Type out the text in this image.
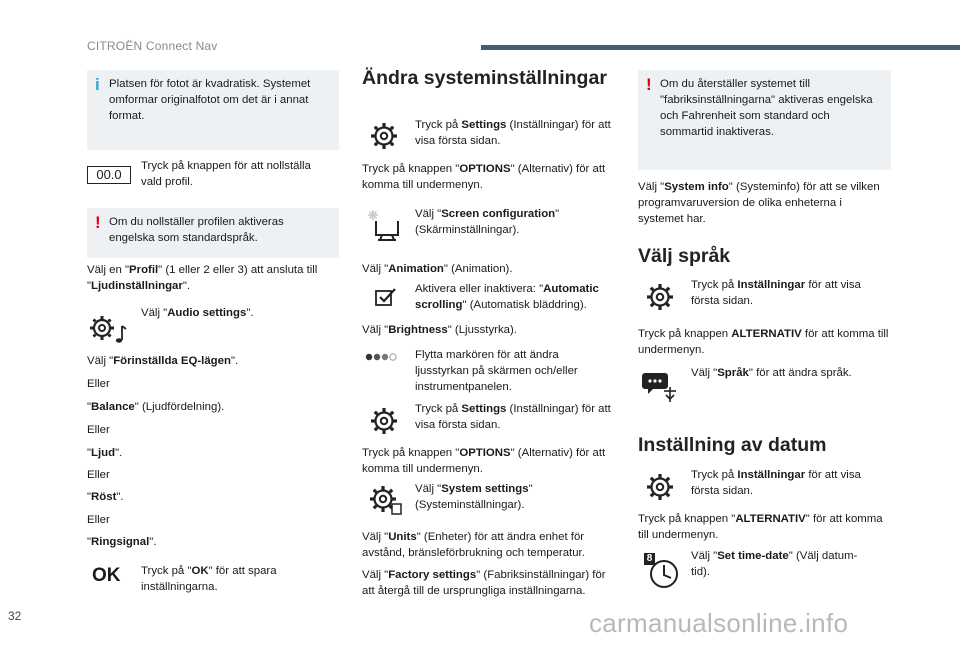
CITROËN Connect Nav
i Platsen för fotot är kvadratisk. Systemet omformar originalfotot om det är i annat format.

00.0

Tryck på knappen för att nollställa vald profil.

! Om du nollställer profilen aktiveras engelska som standardspråk.

Välj en "Profil" (1 eller 2 eller 3) att ansluta till "Ljudinställningar".

Välj "Audio settings".

Välj "Förinställda EQ-lägen".

Eller

"Balance" (Ljudfördelning).

Eller

"Ljud".

Eller

"Röst".

Eller

"Ringsignal".

OK Tryck på "OK" för att spara inställningarna.

Ändra systeminställningar

Tryck på Settings (Inställningar) för att visa första sidan.

Tryck på knappen "OPTIONS" (Alternativ) för att komma till undermenyn.

Välj "Screen configuration" (Skärminställningar).

Välj "Animation" (Animation).

Aktivera eller inaktivera: "Automatic scrolling" (Automatisk bläddring).

Välj "Brightness" (Ljusstyrka).

Flytta markören för att ändra ljusstyrkan på skärmen och/eller instrumentpanelen.

Tryck på Settings (Inställningar) för att visa första sidan.

Tryck på knappen "OPTIONS" (Alternativ) för att komma till undermenyn.

Välj "System settings" (Systeminställningar).

Välj "Units" (Enheter) för att ändra enhet för avstånd, bränsleförbrukning och temperatur.

Välj "Factory settings" (Fabriksinställningar) för att återgå till de ursprungliga inställningarna.

! Om du återställer systemet till "fabriksinställningarna" aktiveras engelska och Fahrenheit som standard och sommartid inaktiveras.

Välj "System info" (Systeminfo) för att se vilken programvaruversion de olika enheterna i systemet har.

Välj språk

Tryck på Inställningar för att visa första sidan.

Tryck på knappen ALTERNATIV för att komma till undermenyn.

Välj "Språk" för att ändra språk.

Inställning av datum

Tryck på Inställningar för att visa första sidan.

Tryck på knappen "ALTERNATIV" för att komma till undermenyn.

8	Välj "Set time-date" (Välj datum-tid).

32	carmanualsonline.info
